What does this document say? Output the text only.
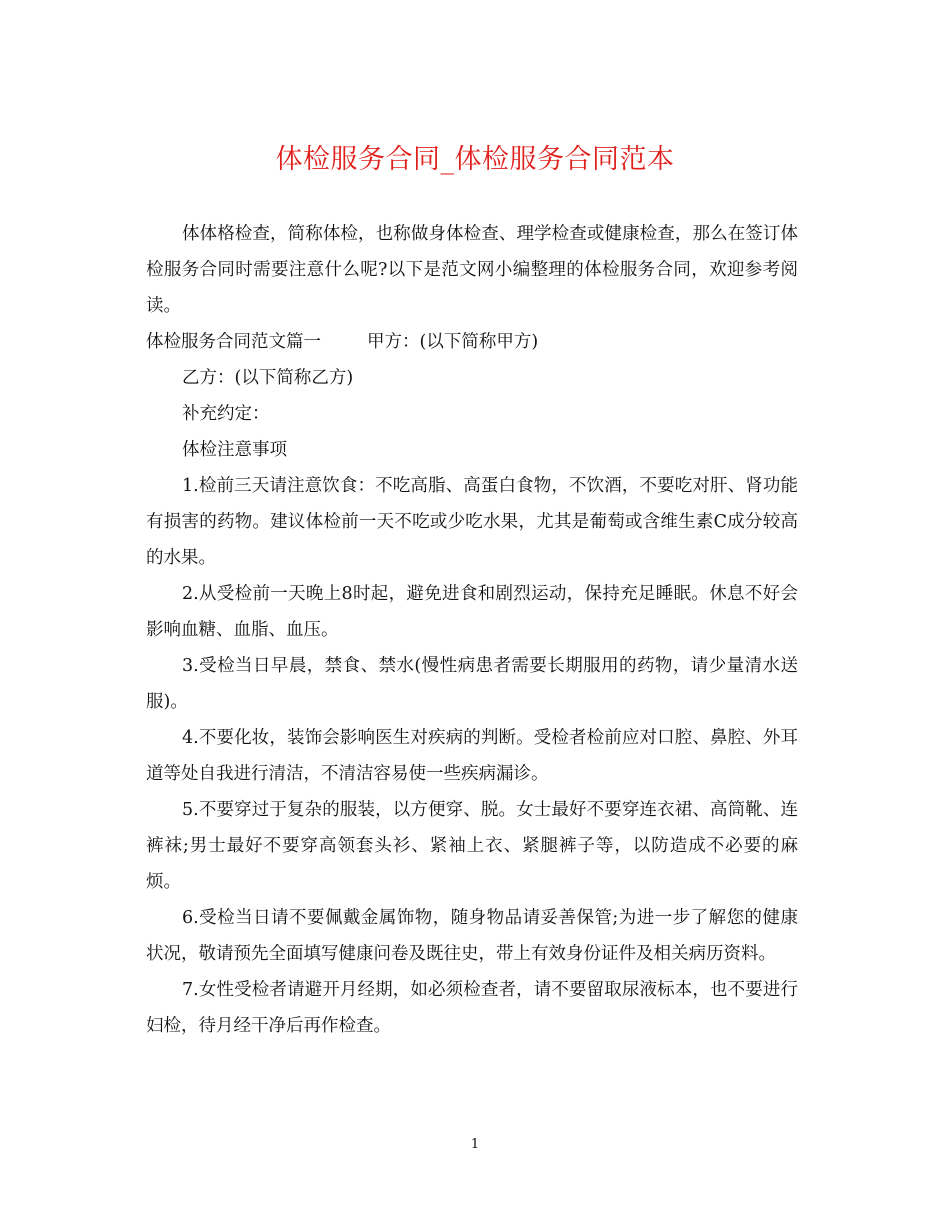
体检服务合同_体检服务合同范本

体体格检查，简称体检，也称做身体检查、理学检查或健康检查，那么在签订体检服务合同时需要注意什么呢?以下是范文网小编整理的体检服务合同，欢迎参考阅读。

体检服务合同范文篇一	甲方：(以下简称甲方)

乙方：(以下简称乙方)

补充约定：

体检注意事项

1.检前三天请注意饮食：不吃高脂、高蛋白食物，不饮酒，不要吃对肝、肾功能有损害的药物。建议体检前一天不吃或少吃水果，尤其是葡萄或含维生素C成分较高的水果。

2.从受检前一天晚上8时起，避免进食和剧烈运动，保持充足睡眠。休息不好会影响血糖、血脂、血压。

3.受检当日早晨，禁食、禁水(慢性病患者需要长期服用的药物，请少量清水送服)。

4.不要化妆，装饰会影响医生对疾病的判断。受检者检前应对口腔、鼻腔、外耳道等处自我进行清洁，不清洁容易使一些疾病漏诊。

5.不要穿过于复杂的服装，以方便穿、脱。女士最好不要穿连衣裙、高筒靴、连裤袜;男士最好不要穿高领套头衫、紧袖上衣、紧腿裤子等，以防造成不必要的麻烦。

6.受检当日请不要佩戴金属饰物，随身物品请妥善保管;为进一步了解您的健康状况，敬请预先全面填写健康问卷及既往史，带上有效身份证件及相关病历资料。

7.女性受检者请避开月经期，如必须检查者，请不要留取尿液标本，也不要进行妇检，待月经干净后再作检查。

1
